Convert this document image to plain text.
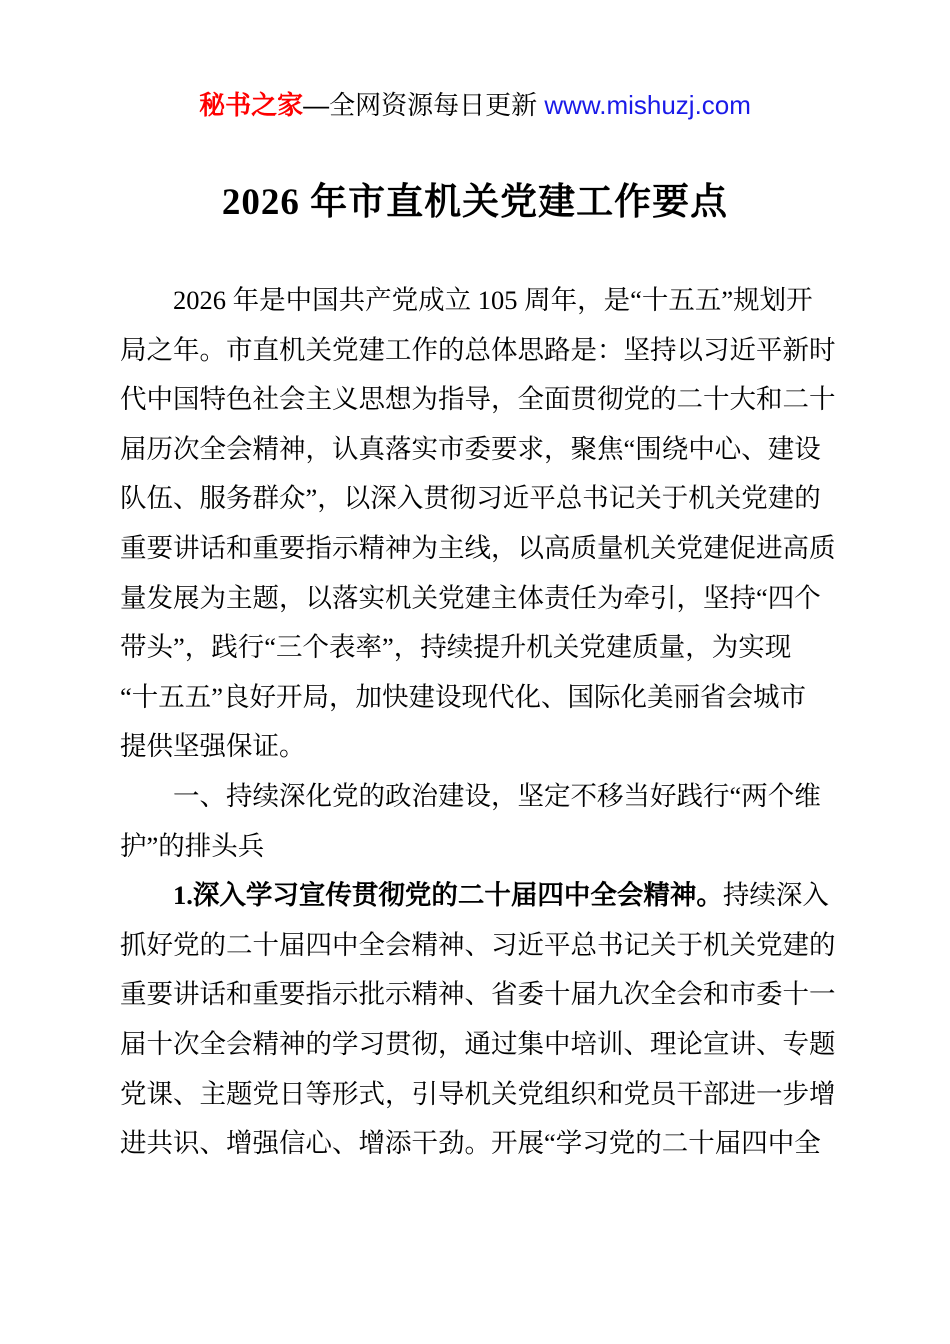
秘书之家—全网资源每日更新 www.mishuzj.com
2026 年市直机关党建工作要点
2026 年是中国共产党成立 105 周年，是“十五五”规划开
局之年。市直机关党建工作的总体思路是：坚持以习近平新时
代中国特色社会主义思想为指导，全面贯彻党的二十大和二十
届历次全会精神，认真落实市委要求，聚焦“围绕中心、建设
队伍、服务群众”，以深入贯彻习近平总书记关于机关党建的
重要讲话和重要指示精神为主线，以高质量机关党建促进高质
量发展为主题，以落实机关党建主体责任为牵引，坚持“四个
带头”，践行“三个表率”，持续提升机关党建质量，为实现
“十五五”良好开局，加快建设现代化、国际化美丽省会城市
提供坚强保证。
一、持续深化党的政治建设，坚定不移当好践行“两个维
护”的排头兵
1.深入学习宣传贯彻党的二十届四中全会精神。持续深入
抓好党的二十届四中全会精神、习近平总书记关于机关党建的
重要讲话和重要指示批示精神、省委十届九次全会和市委十一
届十次全会精神的学习贯彻，通过集中培训、理论宣讲、专题
党课、主题党日等形式，引导机关党组织和党员干部进一步增
进共识、增强信心、增添干劲。开展“学习党的二十届四中全
